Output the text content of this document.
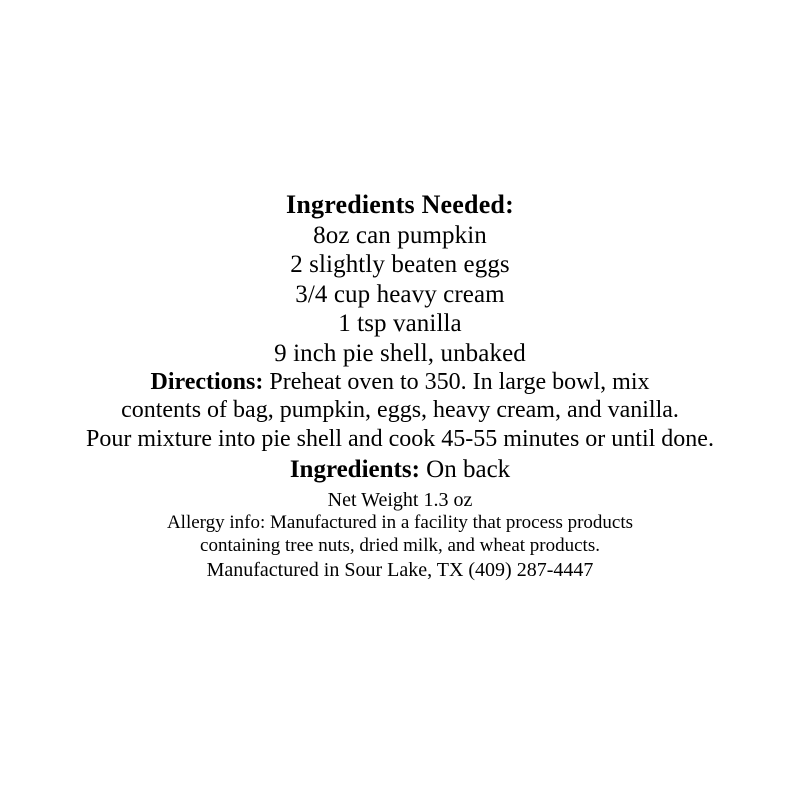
Ingredients Needed:
8oz can pumpkin
2 slightly beaten eggs
3/4 cup heavy cream
1 tsp vanilla
9 inch pie shell, unbaked
Directions: Preheat oven to 350. In large bowl, mix
contents of bag, pumpkin, eggs, heavy cream, and vanilla.
Pour mixture into pie shell and cook 45-55 minutes or until done.
Ingredients: On back
Net Weight 1.3 oz
Allergy info: Manufactured in a facility that process products
containing tree nuts, dried milk, and wheat products.
Manufactured in Sour Lake, TX (409) 287-4447
